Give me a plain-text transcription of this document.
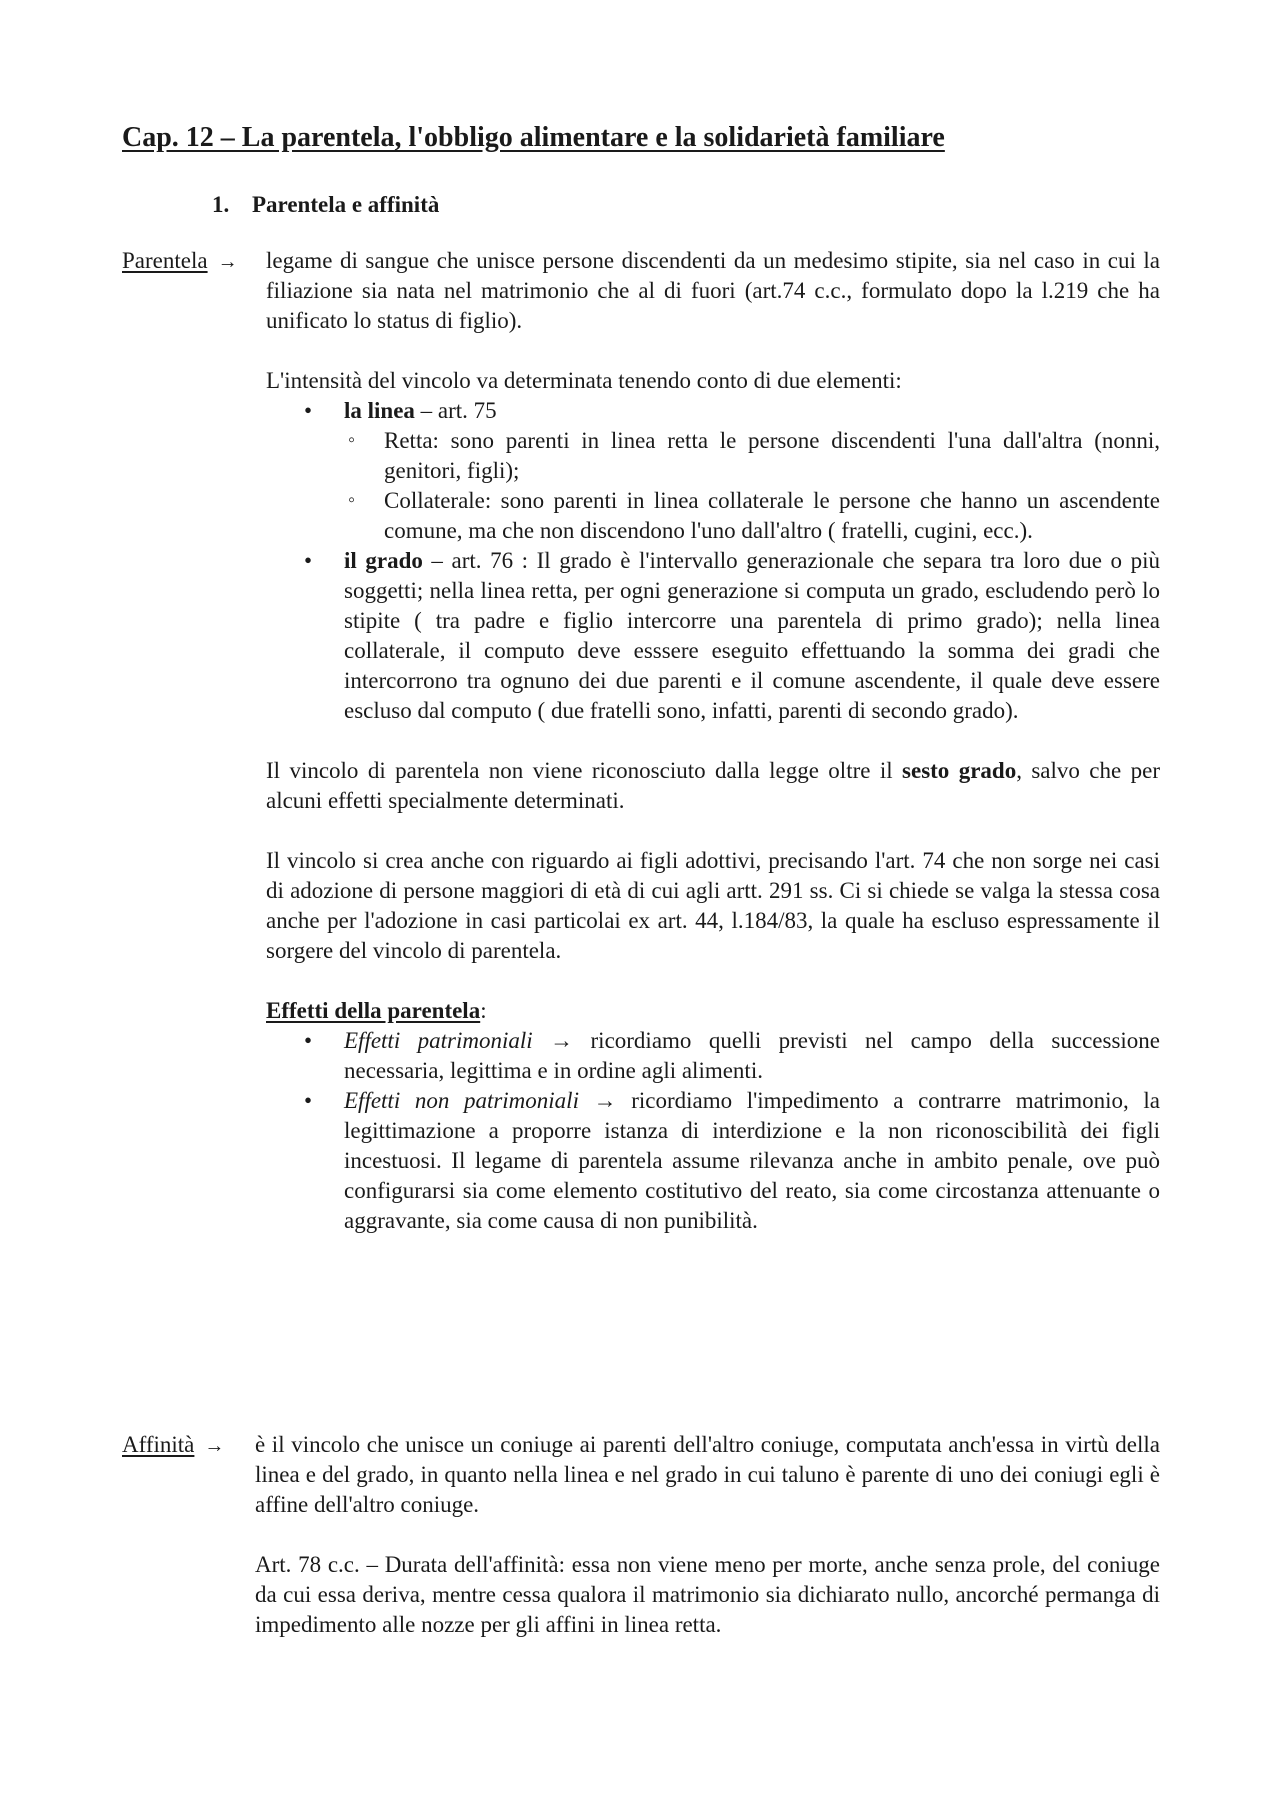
Cap. 12 – La parentela, l'obbligo alimentare e la solidarietà familiare
1. Parentela e affinità
Parentela → legame di sangue che unisce persone discendenti da un medesimo stipite, sia nel caso in cui la filiazione sia nata nel matrimonio che al di fuori (art.74 c.c., formulato dopo la l.219 che ha unificato lo status di figlio).

L'intensità del vincolo va determinata tenendo conto di due elementi:

• la linea – art. 75
◦ Retta: sono parenti in linea retta le persone discendenti l'una dall'altra (nonni, genitori, figli);
◦ Collaterale: sono parenti in linea collaterale le persone che hanno un ascendente comune, ma che non discendono l'uno dall'altro ( fratelli, cugini, ecc.).
• il grado – art. 76 : Il grado è l'intervallo generazionale che separa tra loro due o più soggetti; nella linea retta, per ogni generazione si computa un grado, escludendo però lo stipite ( tra padre e figlio intercorre una parentela di primo grado); nella linea collaterale, il computo deve esssere eseguito effettuando la somma dei gradi che intercorrono tra ognuno dei due parenti e il comune ascendente, il quale deve essere escluso dal computo ( due fratelli sono, infatti, parenti di secondo grado).

Il vincolo di parentela non viene riconosciuto dalla legge oltre il sesto grado, salvo che per alcuni effetti specialmente determinati.

Il vincolo si crea anche con riguardo ai figli adottivi, precisando l'art. 74 che non sorge nei casi di adozione di persone maggiori di età di cui agli artt. 291 ss. Ci si chiede se valga la stessa cosa anche per l'adozione in casi particolai ex art. 44, l.184/83, la quale ha escluso espressamente il sorgere del vincolo di parentela.

Effetti della parentela:

• Effetti patrimoniali → ricordiamo quelli previsti nel campo della successione necessaria, legittima e in ordine agli alimenti.
• Effetti non patrimoniali → ricordiamo l'impedimento a contrarre matrimonio, la legittimazione a proporre istanza di interdizione e la non riconoscibilità dei figli incestuosi. Il legame di parentela assume rilevanza anche in ambito penale, ove può configurarsi sia come elemento costitutivo del reato, sia come circostanza attenuante o aggravante, sia come causa di non punibilità.
Affinità → è il vincolo che unisce un coniuge ai parenti dell'altro coniuge, computata anch'essa in virtù della linea e del grado, in quanto nella linea e nel grado in cui taluno è parente di uno dei coniugi egli è affine dell'altro coniuge.

Art. 78 c.c. – Durata dell'affinità: essa non viene meno per morte, anche senza prole, del coniuge da cui essa deriva, mentre cessa qualora il matrimonio sia dichiarato nullo, ancorché permanga di impedimento alle nozze per gli affini in linea retta.
